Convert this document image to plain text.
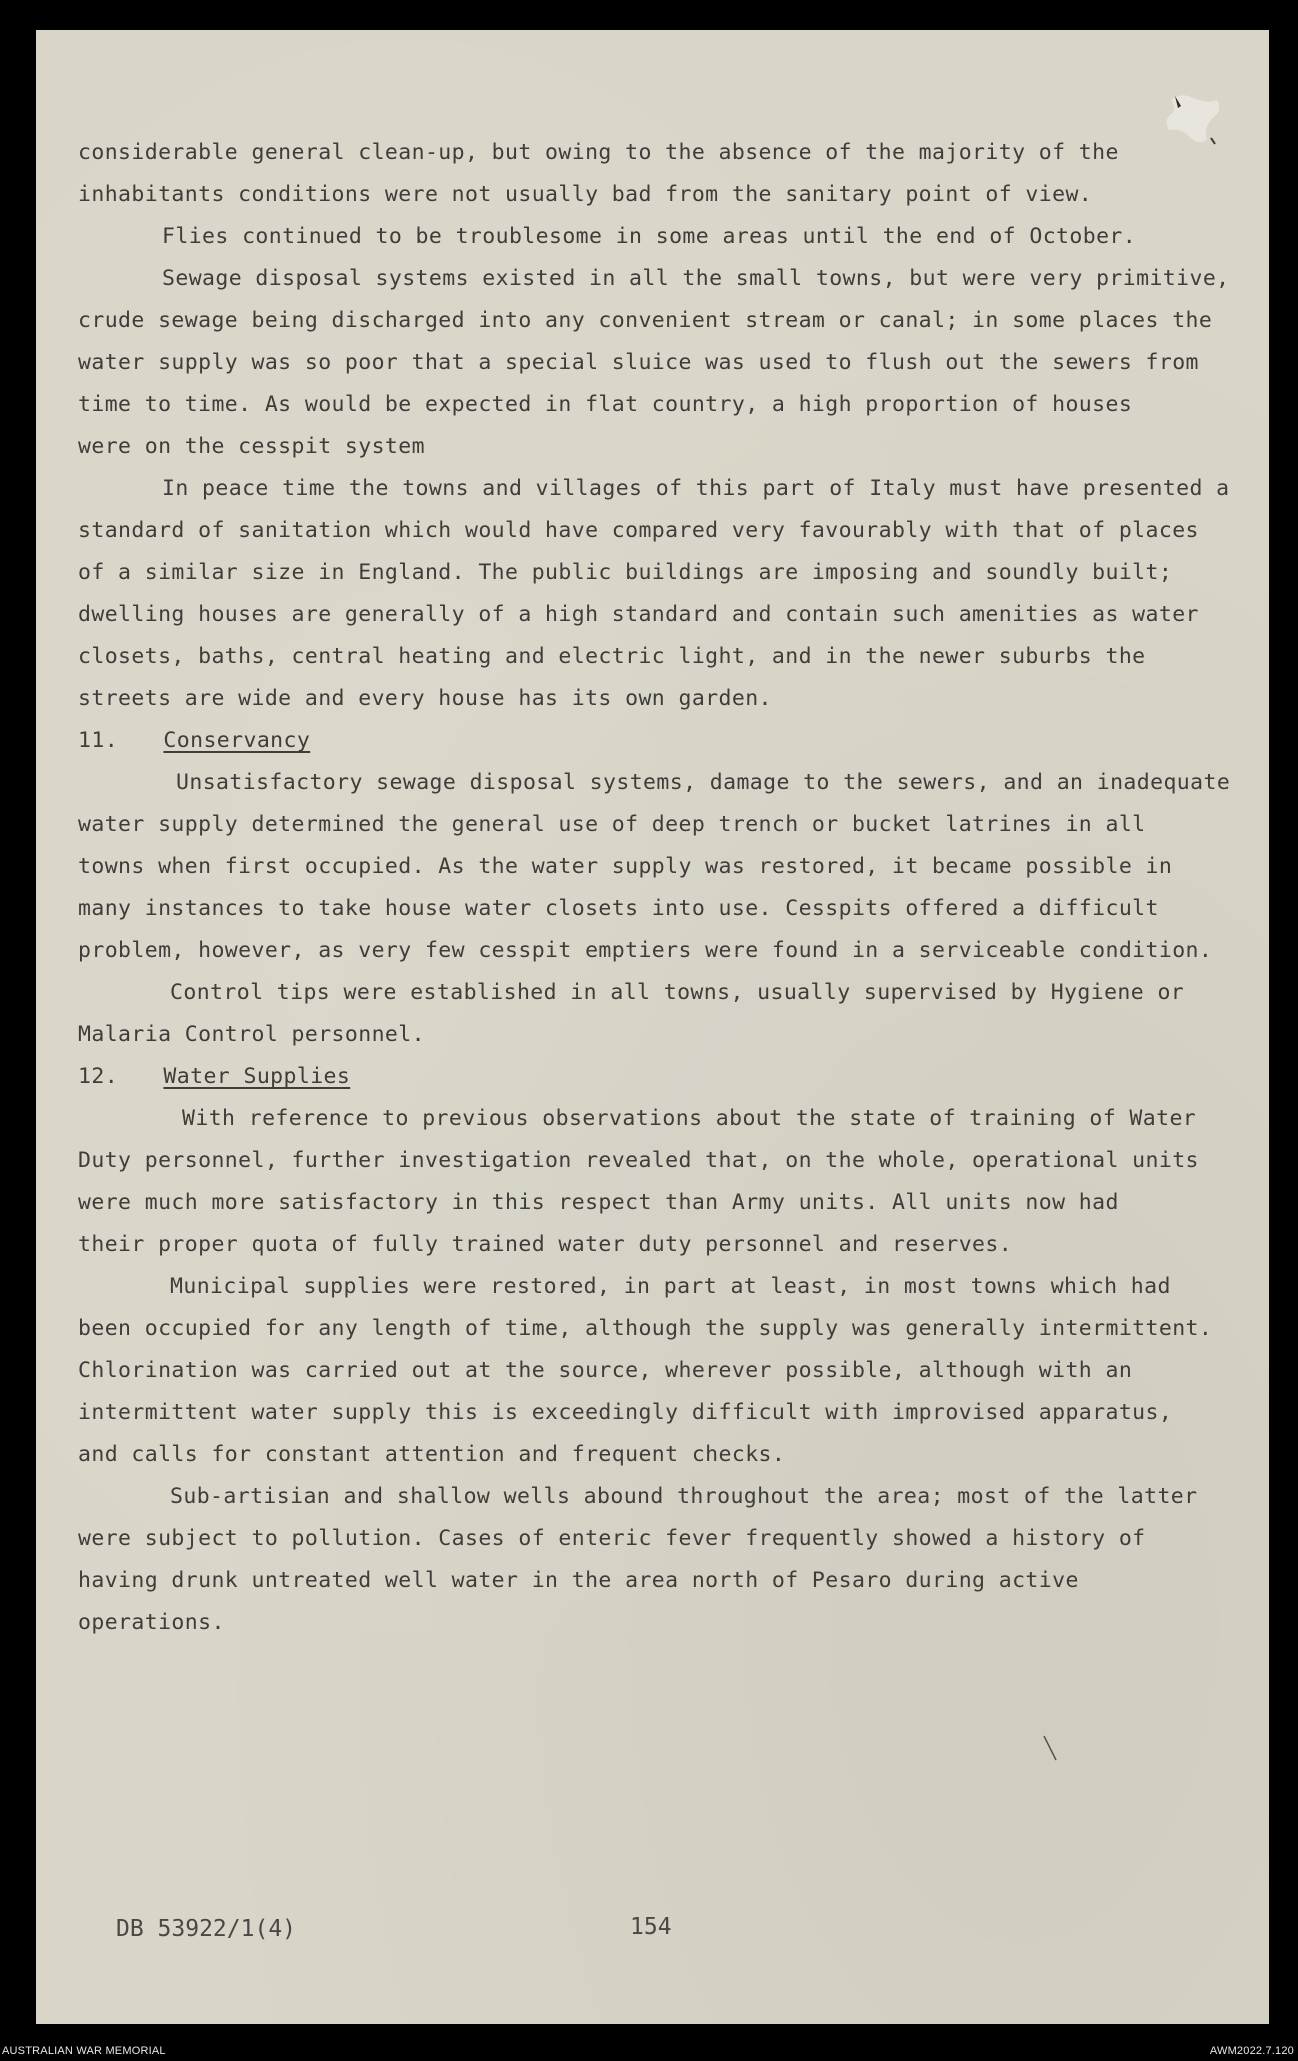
considerable general clean-up, but owing to the absence of the majority of the
inhabitants conditions were not usually bad from the sanitary point of view.
Flies continued to be troublesome in some areas until the end of October.
Sewage disposal systems existed in all the small towns, but were very primitive,
crude sewage being discharged into any convenient stream or canal; in some places the
water supply was so poor that a special sluice was used to flush out the sewers from
time to time. As would be expected in flat country, a high proportion of houses
were on the cesspit system
In peace time the towns and villages of this part of Italy must have presented a
standard of sanitation which would have compared very favourably with that of places
of a similar size in England. The public buildings are imposing and soundly built;
dwelling houses are generally of a high standard and contain such amenities as water
closets, baths, central heating and electric light, and in the newer suburbs the
streets are wide and every house has its own garden.
11. Conservancy
Unsatisfactory sewage disposal systems, damage to the sewers, and an inadequate
water supply determined the general use of deep trench or bucket latrines in all
towns when first occupied. As the water supply was restored, it became possible in
many instances to take house water closets into use. Cesspits offered a difficult
problem, however, as very few cesspit emptiers were found in a serviceable condition.
Control tips were established in all towns, usually supervised by Hygiene or
Malaria Control personnel.
12. Water Supplies
With reference to previous observations about the state of training of Water
Duty personnel, further investigation revealed that, on the whole, operational units
were much more satisfactory in this respect than Army units. All units now had
their proper quota of fully trained water duty personnel and reserves.
Municipal supplies were restored, in part at least, in most towns which had
been occupied for any length of time, although the supply was generally intermittent.
Chlorination was carried out at the source, wherever possible, although with an
intermittent water supply this is exceedingly difficult with improvised apparatus,
and calls for constant attention and frequent checks.
Sub-artisian and shallow wells abound throughout the area; most of the latter
were subject to pollution. Cases of enteric fever frequently showed a history of
having drunk untreated well water in the area north of Pesaro during active
operations.
DB 53922/1(4)	154
AUSTRALIAN WAR MEMORIAL	AWM2022.7.120
